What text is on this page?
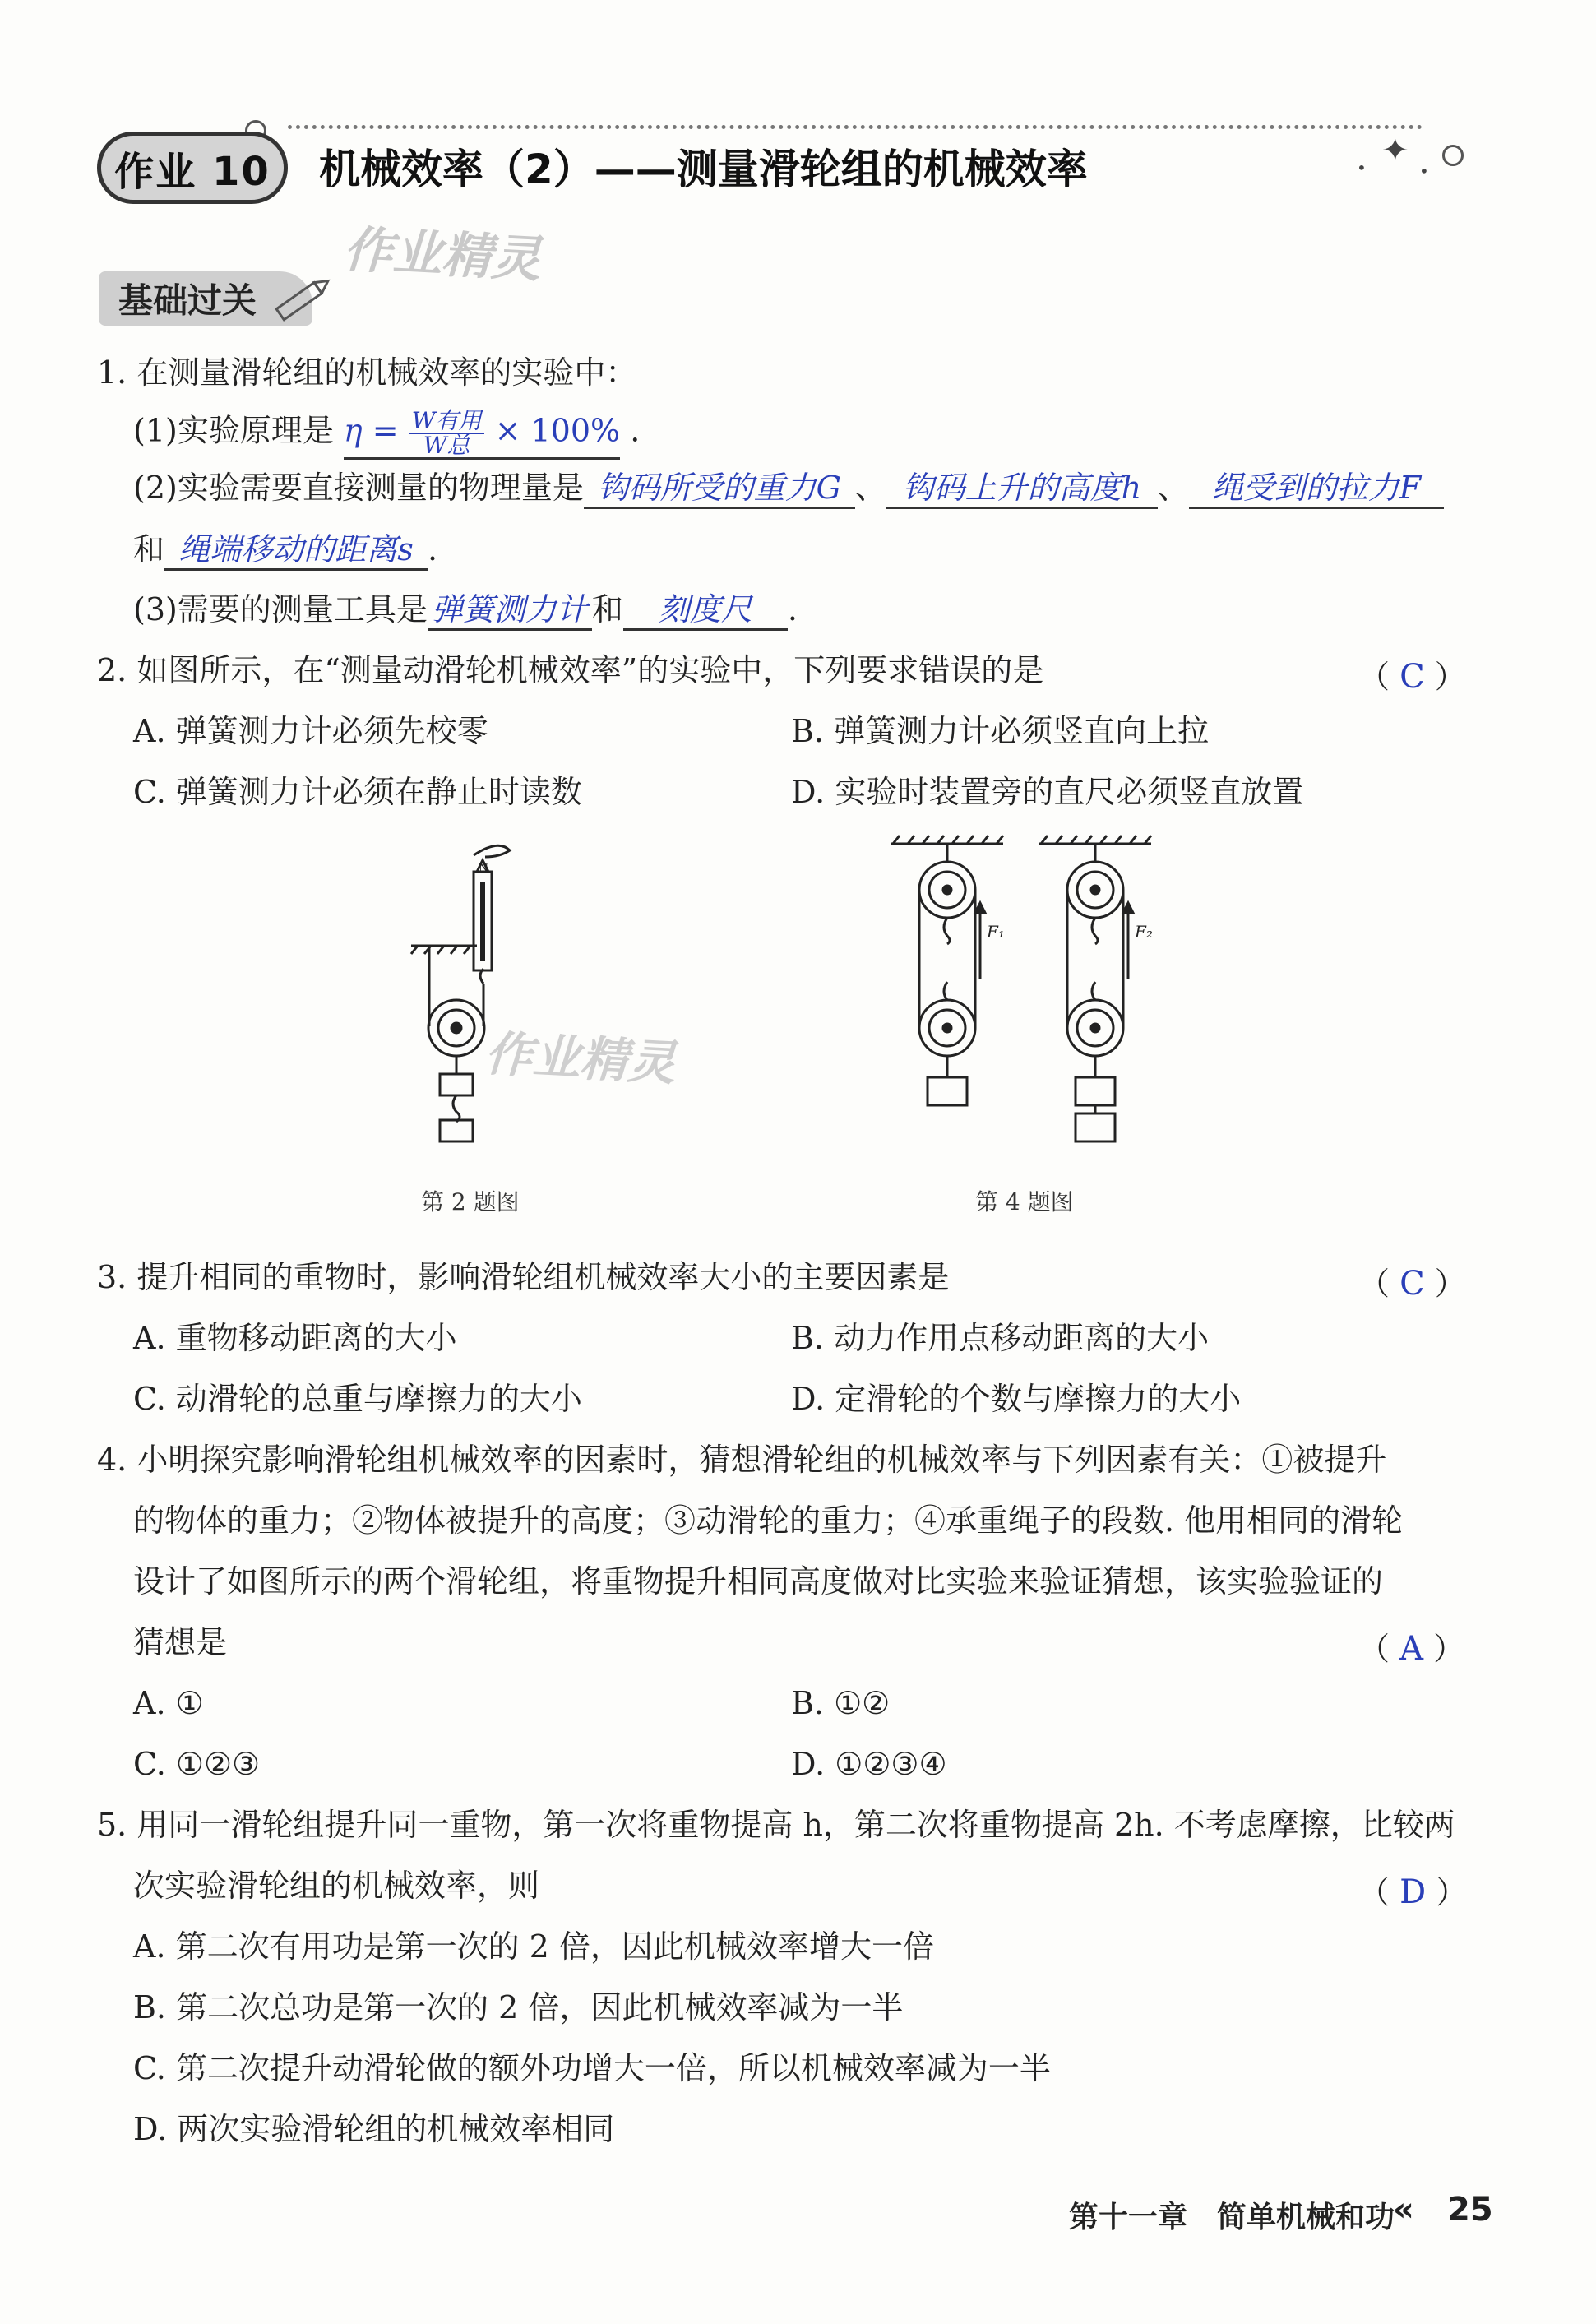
✦
•	•
作业 10	机械效率（2）——测量滑轮组的机械效率
作业精灵
基础过关
1. 在测量滑轮组的机械效率的实验中：
(1)实验原理是 $\eta = \frac{\text{W有用}}{\text{W总}} \times 100\%$ .
(2)实验需要直接测量的物理量是 钩码所受的重力G 、 钩码上升的高度h 、 绳受到的拉力F
和 绳端移动的距离s .
(3)需要的测量工具是 弹簧测力计 和 刻度尺 .
2. 如图所示，在“测量动滑轮机械效率”的实验中，下列要求错误的是	（ C ）
A. 弹簧测力计必须先校零	B. 弹簧测力计必须竖直向上拉
C. 弹簧测力计必须在静止时读数	D. 实验时装置旁的直尺必须竖直放置
N
作业精灵
第 2 题图
F₁	F₂
第 4 题图
3. 提升相同的重物时，影响滑轮组机械效率大小的主要因素是	（ C ）
A. 重物移动距离的大小	B. 动力作用点移动距离的大小
C. 动滑轮的总重与摩擦力的大小	D. 定滑轮的个数与摩擦力的大小
4. 小明探究影响滑轮组机械效率的因素时，猜想滑轮组的机械效率与下列因素有关：①被提升
的物体的重力；②物体被提升的高度；③动滑轮的重力；④承重绳子的段数. 他用相同的滑轮
设计了如图所示的两个滑轮组，将重物提升相同高度做对比实验来验证猜想，该实验验证的
猜想是	（ A ）
A. ①	B. ①②
C. ①②③	D. ①②③④
5. 用同一滑轮组提升同一重物，第一次将重物提高 h，第二次将重物提高 2h. 不考虑摩擦，比较两
次实验滑轮组的机械效率，则	（ D ）
A. 第二次有用功是第一次的 2 倍，因此机械效率增大一倍
B. 第二次总功是第一次的 2 倍，因此机械效率减为一半
C. 第二次提升动滑轮做的额外功增大一倍，所以机械效率减为一半
D. 两次实验滑轮组的机械效率相同
第十一章　简单机械和功
« 25
